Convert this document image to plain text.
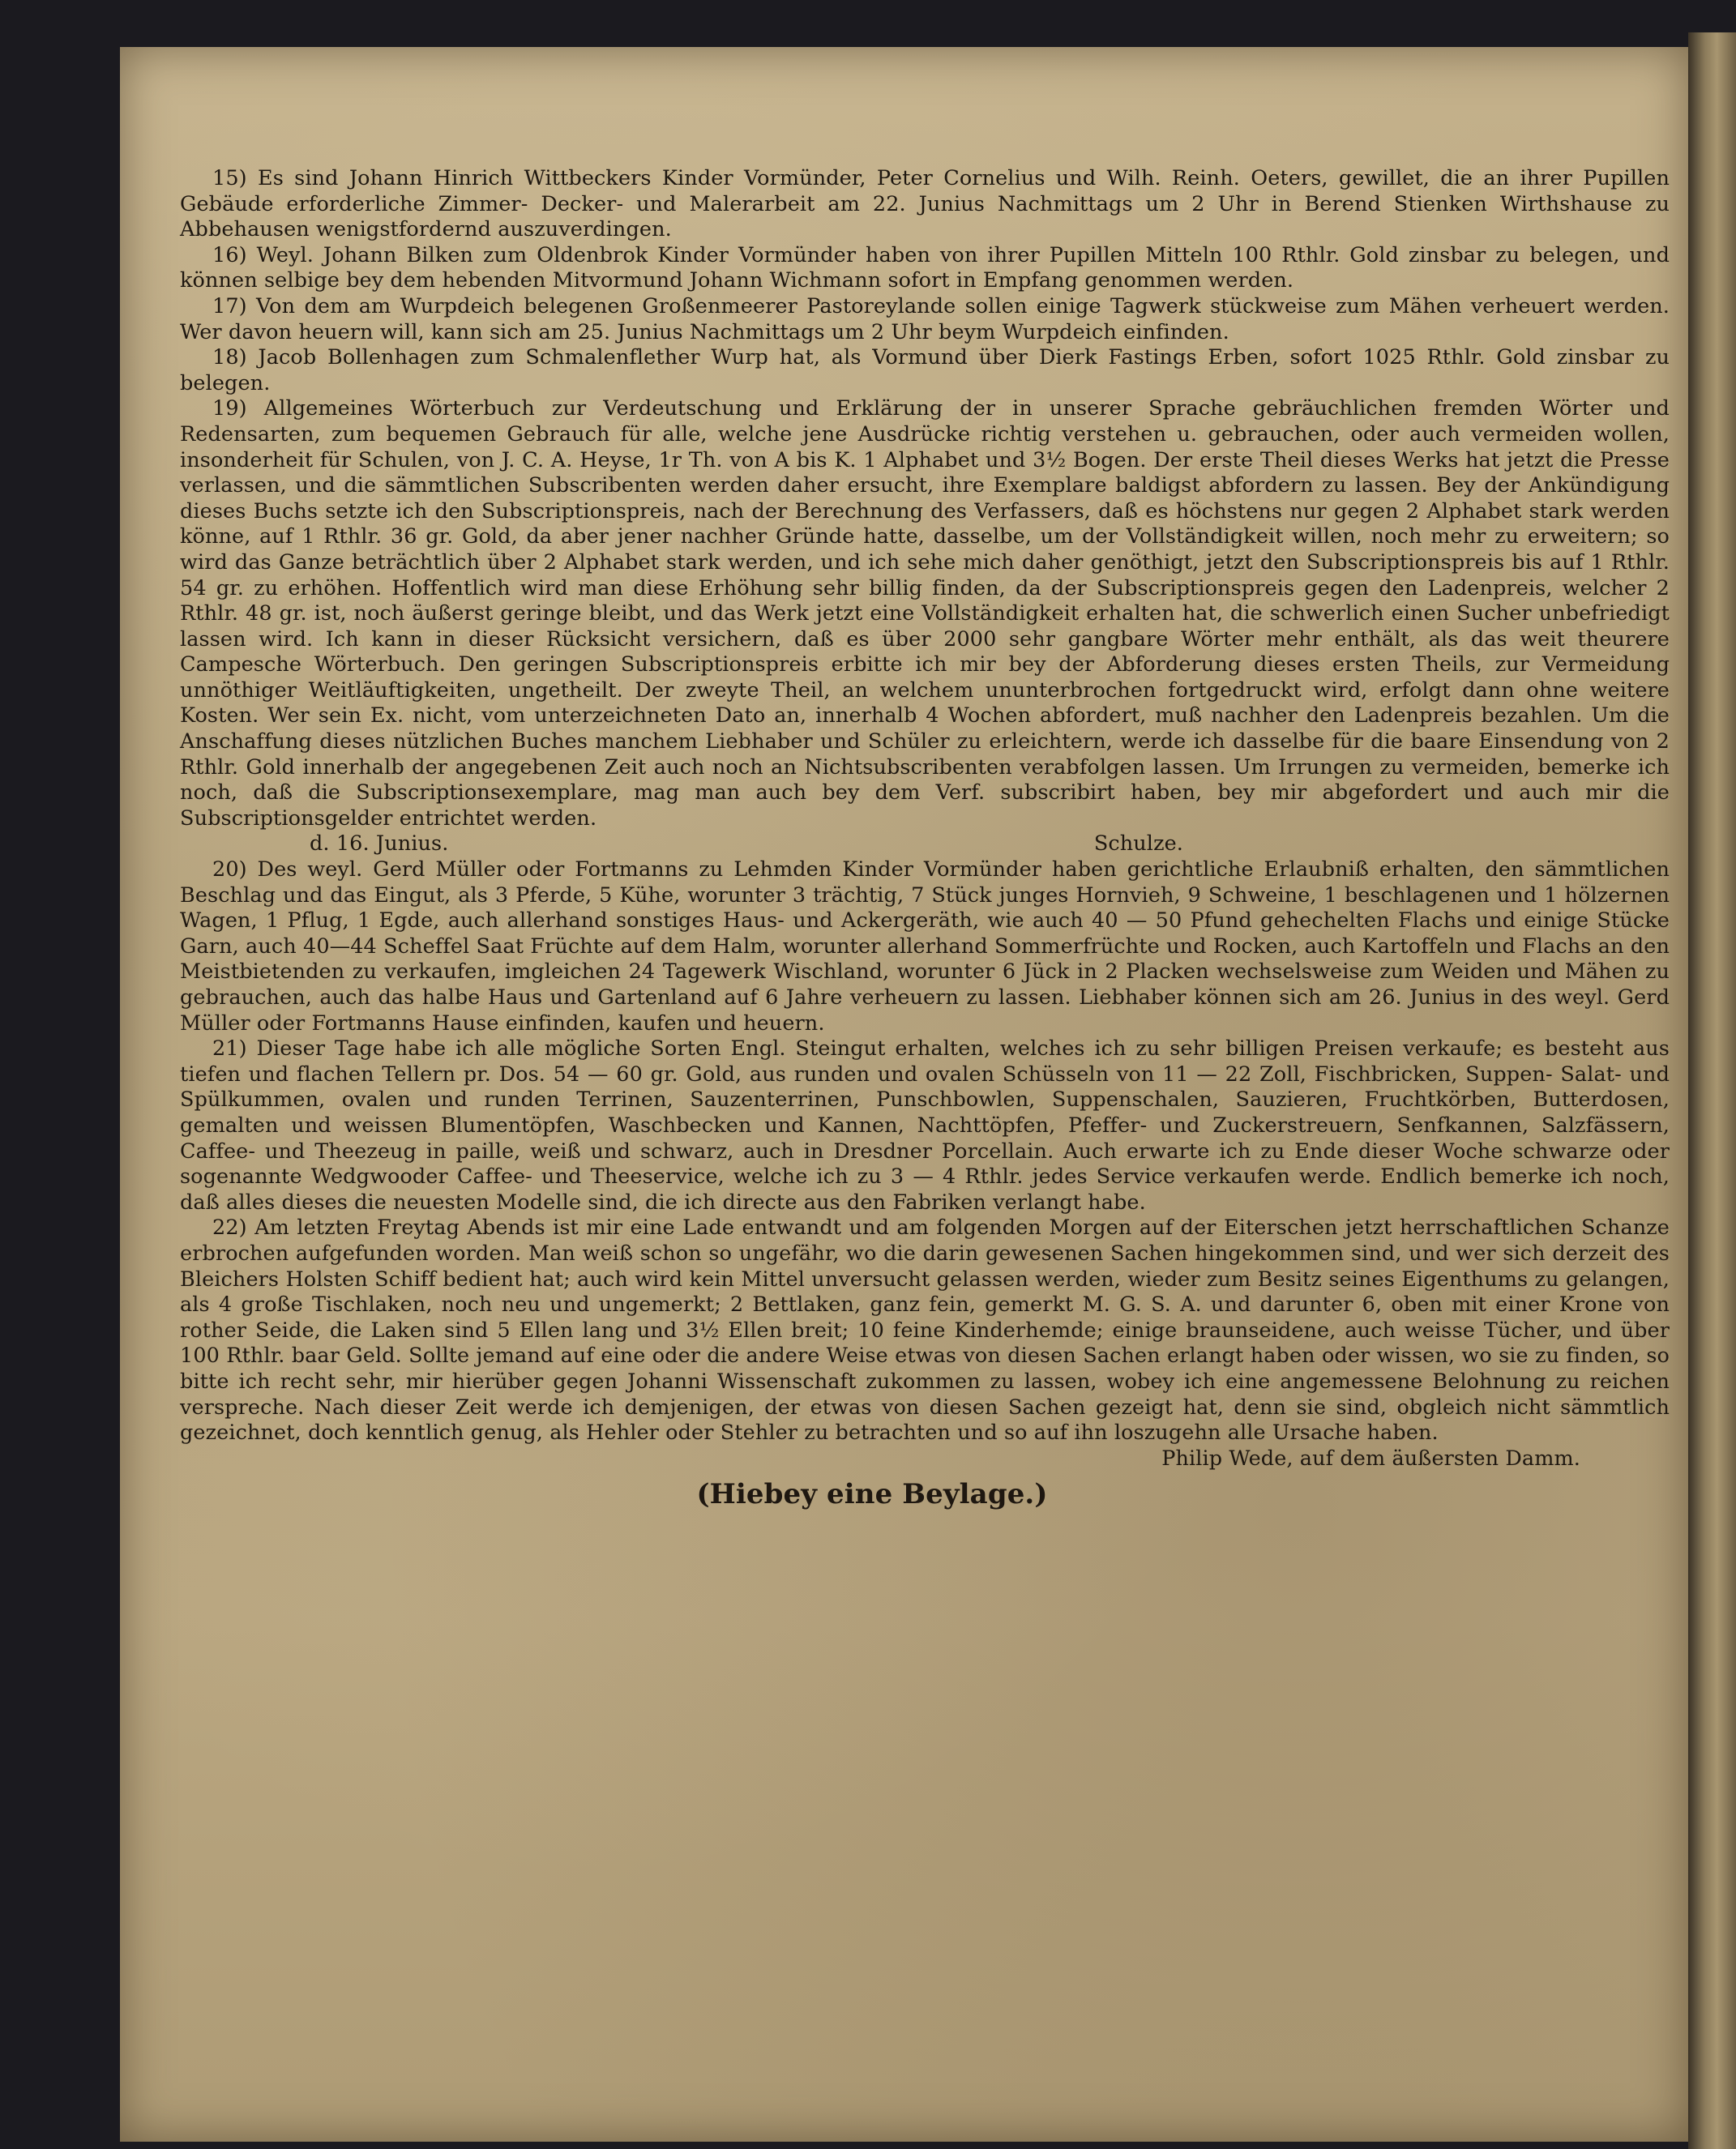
15) Es sind Johann Hinrich Wittbeckers Kinder Vormünder, Peter Cornelius und Wilh. Reinh. Oeters, gewillet, die an ihrer Pupillen Gebäude erforderliche Zimmer- Decker- und Malerarbeit am 22. Junius Nachmittags um 2 Uhr in Berend Stienken Wirthshause zu Abbehausen wenigstfordernd auszuverdingen.

16) Weyl. Johann Bilken zum Oldenbrok Kinder Vormünder haben von ihrer Pupillen Mitteln 100 Rthlr. Gold zinsbar zu belegen, und können selbige bey dem hebenden Mitvormund Johann Wichmann sofort in Empfang genommen werden.

17) Von dem am Wurpdeich belegenen Großenmeerer Pastoreylande sollen einige Tagwerk stückweise zum Mähen verheuert werden. Wer davon heuern will, kann sich am 25. Junius Nachmittags um 2 Uhr beym Wurpdeich einfinden.

18) Jacob Bollenhagen zum Schmalenflether Wurp hat, als Vormund über Dierk Fastings Erben, sofort 1025 Rthlr. Gold zinsbar zu belegen.

19) Allgemeines Wörterbuch zur Verdeutschung und Erklärung der in unserer Sprache gebräuchlichen fremden Wörter und Redensarten, zum bequemen Gebrauch für alle, welche jene Ausdrücke richtig verstehen u. gebrauchen, oder auch vermeiden wollen, insonderheit für Schulen, von J. C. A. Heyse, 1r Th. von A bis K. 1 Alphabet und 3½ Bogen. Der erste Theil dieses Werks hat jetzt die Presse verlassen, und die sämmtlichen Subscribenten werden daher ersucht, ihre Exemplare baldigst abfordern zu lassen. Bey der Ankündigung dieses Buchs setzte ich den Subscriptionspreis, nach der Berechnung des Verfassers, daß es höchstens nur gegen 2 Alphabet stark werden könne, auf 1 Rthlr. 36 gr. Gold, da aber jener nachher Gründe hatte, dasselbe, um der Vollständigkeit willen, noch mehr zu erweitern; so wird das Ganze beträchtlich über 2 Alphabet stark werden, und ich sehe mich daher genöthigt, jetzt den Subscriptionspreis bis auf 1 Rthlr. 54 gr. zu erhöhen. Hoffentlich wird man diese Erhöhung sehr billig finden, da der Subscriptionspreis gegen den Ladenpreis, welcher 2 Rthlr. 48 gr. ist, noch äußerst geringe bleibt, und das Werk jetzt eine Vollständigkeit erhalten hat, die schwerlich einen Sucher unbefriedigt lassen wird. Ich kann in dieser Rücksicht versichern, daß es über 2000 sehr gangbare Wörter mehr enthält, als das weit theurere Campesche Wörterbuch. Den geringen Subscriptionspreis erbitte ich mir bey der Abforderung dieses ersten Theils, zur Vermeidung unnöthiger Weitläuftigkeiten, ungetheilt. Der zweyte Theil, an welchem ununterbrochen fortgedruckt wird, erfolgt dann ohne weitere Kosten. Wer sein Ex. nicht, vom unterzeichneten Dato an, innerhalb 4 Wochen abfordert, muß nachher den Ladenpreis bezahlen. Um die Anschaffung dieses nützlichen Buches manchem Liebhaber und Schüler zu erleichtern, werde ich dasselbe für die baare Einsendung von 2 Rthlr. Gold innerhalb der angegebenen Zeit auch noch an Nichtsubscribenten verabfolgen lassen. Um Irrungen zu vermeiden, bemerke ich noch, daß die Subscriptionsexemplare, mag man auch bey dem Verf. subscribirt haben, bey mir abgefordert und auch mir die Subscriptionsgelder entrichtet werden.

d. 16. Junius.	Schulze.

20) Des weyl. Gerd Müller oder Fortmanns zu Lehmden Kinder Vormünder haben gerichtliche Erlaubniß erhalten, den sämmtlichen Beschlag und das Eingut, als 3 Pferde, 5 Kühe, worunter 3 trächtig, 7 Stück junges Hornvieh, 9 Schweine, 1 beschlagenen und 1 hölzernen Wagen, 1 Pflug, 1 Egde, auch allerhand sonstiges Haus- und Ackergeräth, wie auch 40 — 50 Pfund gehechelten Flachs und einige Stücke Garn, auch 40—44 Scheffel Saat Früchte auf dem Halm, worunter allerhand Sommerfrüchte und Rocken, auch Kartoffeln und Flachs an den Meistbietenden zu verkaufen, imgleichen 24 Tagewerk Wischland, worunter 6 Jück in 2 Placken wechselsweise zum Weiden und Mähen zu gebrauchen, auch das halbe Haus und Gartenland auf 6 Jahre verheuern zu lassen. Liebhaber können sich am 26. Junius in des weyl. Gerd Müller oder Fortmanns Hause einfinden, kaufen und heuern.

21) Dieser Tage habe ich alle mögliche Sorten Engl. Steingut erhalten, welches ich zu sehr billigen Preisen verkaufe; es besteht aus tiefen und flachen Tellern pr. Dos. 54 — 60 gr. Gold, aus runden und ovalen Schüsseln von 11 — 22 Zoll, Fischbricken, Suppen- Salat- und Spülkummen, ovalen und runden Terrinen, Sauzenterrinen, Punschbowlen, Suppenschalen, Sauzieren, Fruchtkörben, Butterdosen, gemalten und weissen Blumentöpfen, Waschbecken und Kannen, Nachttöpfen, Pfeffer- und Zuckerstreuern, Senfkannen, Salzfässern, Caffee- und Theezeug in paille, weiß und schwarz, auch in Dresdner Porcellain. Auch erwarte ich zu Ende dieser Woche schwarze oder sogenannte Wedgwooder Caffee- und Theeservice, welche ich zu 3 — 4 Rthlr. jedes Service verkaufen werde. Endlich bemerke ich noch, daß alles dieses die neuesten Modelle sind, die ich directe aus den Fabriken verlangt habe.

22) Am letzten Freytag Abends ist mir eine Lade entwandt und am folgenden Morgen auf der Eiterschen jetzt herrschaftlichen Schanze erbrochen aufgefunden worden. Man weiß schon so ungefähr, wo die darin gewesenen Sachen hingekommen sind, und wer sich derzeit des Bleichers Holsten Schiff bedient hat; auch wird kein Mittel unversucht gelassen werden, wieder zum Besitz seines Eigenthums zu gelangen, als 4 große Tischlaken, noch neu und ungemerkt; 2 Bettlaken, ganz fein, gemerkt M. G. S. A. und darunter 6, oben mit einer Krone von rother Seide, die Laken sind 5 Ellen lang und 3½ Ellen breit; 10 feine Kinderhemde; einige braunseidene, auch weisse Tücher, und über 100 Rthlr. baar Geld. Sollte jemand auf eine oder die andere Weise etwas von diesen Sachen erlangt haben oder wissen, wo sie zu finden, so bitte ich recht sehr, mir hierüber gegen Johanni Wissenschaft zukommen zu lassen, wobey ich eine angemessene Belohnung zu reichen verspreche. Nach dieser Zeit werde ich demjenigen, der etwas von diesen Sachen gezeigt hat, denn sie sind, obgleich nicht sämmtlich gezeichnet, doch kenntlich genug, als Hehler oder Stehler zu betrachten und so auf ihn loszugehn alle Ursache haben.

Philip Wede, auf dem äußersten Damm.

(Hiebey eine Beylage.)
